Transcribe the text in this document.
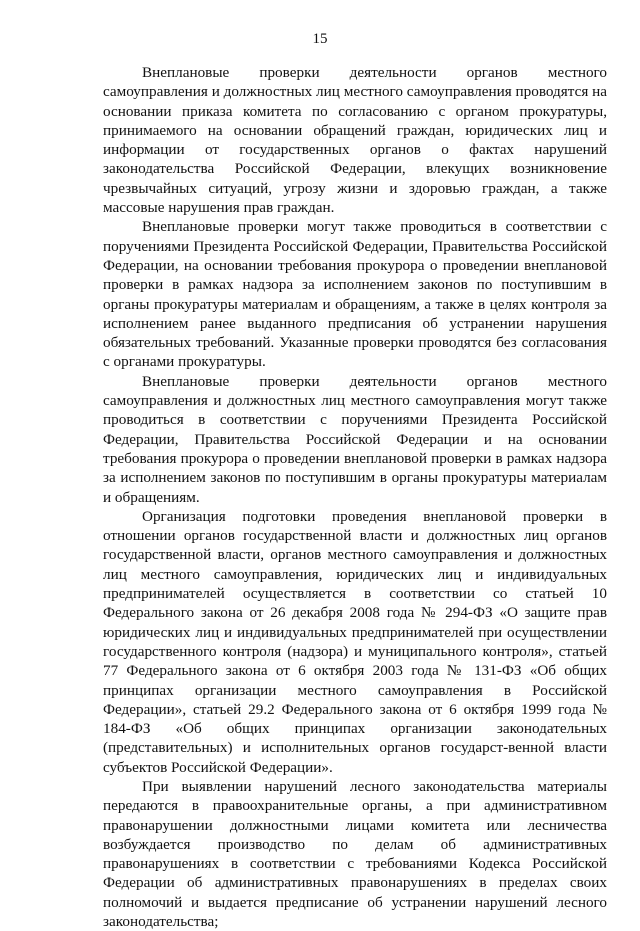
15

Внеплановые проверки деятельности органов местного самоуправления и должностных лиц местного самоуправления проводятся на основании приказа комитета по согласованию с органом прокуратуры, принимаемого на основании обращений граждан, юридических лиц и информации от государственных органов о фактах нарушений законодательства Российской Федерации, влекущих возникновение чрезвычайных ситуаций, угрозу жизни и здоровью граждан, а также массовые нарушения прав граждан.

Внеплановые проверки могут также проводиться в соответствии с поручениями Президента Российской Федерации, Правительства Российской Федерации, на основании требования прокурора о проведении внеплановой проверки в рамках надзора за исполнением законов по поступившим в органы прокуратуры материалам и обращениям, а также в целях контроля за исполнением ранее выданного предписания об устранении нарушения обязательных требований. Указанные проверки проводятся без согласования с органами прокуратуры.

Внеплановые проверки деятельности органов местного самоуправления и должностных лиц местного самоуправления могут также проводиться в соответствии с поручениями Президента Российской Федерации, Правительства Российской Федерации и на основании требования прокурора о проведении внеплановой проверки в рамках надзора за исполнением законов по поступившим в органы прокуратуры материалам и обращениям.

Организация подготовки проведения внеплановой проверки в отношении органов государственной власти и должностных лиц органов государственной власти, органов местного самоуправления и должностных лиц местного самоуправления, юридических лиц и индивидуальных предпринимателей осуществляется в соответствии со статьей 10 Федерального закона от 26 декабря 2008 года № 294-ФЗ «О защите прав юридических лиц и индивидуальных предпринимателей при осуществлении государственного контроля (надзора) и муниципального контроля», статьей 77 Федерального закона от 6 октября 2003 года № 131-ФЗ «Об общих принципах организации местного самоуправления в Российской Федерации», статьей 29.2 Федерального закона от 6 октября 1999 года № 184-ФЗ «Об общих принципах организации законодательных (представительных) и исполнительных органов государст-венной власти субъектов Российской Федерации».

При выявлении нарушений лесного законодательства материалы передаются в правоохранительные органы, а при административном правонарушении должностными лицами комитета или лесничества возбуждается производство по делам об административных правонарушениях в соответствии с требованиями Кодекса Российской Федерации об административных правонарушениях в пределах своих полномочий и выдается предписание об устранении нарушений лесного законодательства;
